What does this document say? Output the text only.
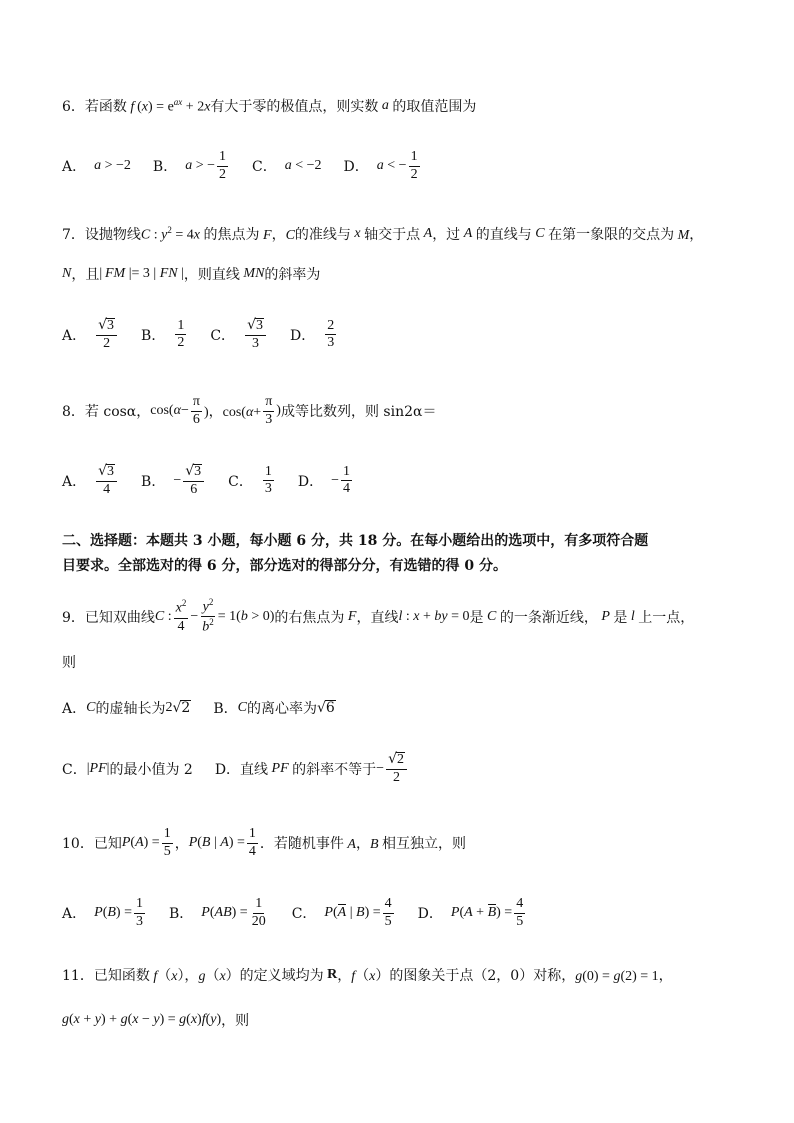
6．若函数 f $(x) = e^{ax} + 2x$ 有大于零的极值点，则实数 a 的取值范围为
A． a > −2 B． a > − $\frac{1}{2}$ C． a < −2 D． a < − $\frac{1}{2}$
7．设抛物线 C : $y^2 = 4x$ 的焦点为 F，C 的准线与 x 轴交于点 A ，过 A 的直线与 C 在第一象限的交点为 M，
N ，且 | FM |= 3 | FN | ，则直线 MN 的斜率为
A． $\frac{√ 3}{2}$ B． $\frac{1}{2}$ C． $\frac{√ 3}{3}$ D． $\frac{2}{3}$
8．若 cosα， $\cos(\alpha- \frac{\pi}{6}$ )，$\cos(\alpha+ \frac{\pi}{3}$ ) 成等比数列，则 sin2α＝
A． $\frac{√ 3}{4}$ B． − $\frac{√ 3}{6}$ C． $\frac{1}{3}$ D． − $\frac{1}{4}$
二、选择题：本题共 3 小题，每小题 6 分，共 18 分。在每小题给出的选项中，有多项符合题
目要求。全部选对的得 6 分，部分选对的得部分分，有选错的得 0 分。
9．已知双曲线 C : $\frac{x^2}{4} - \frac{y^2}{b^2} = 1(b > 0)$ 的右焦点为 F ，直线 l : x + by = 0 是 C 的一条渐近线， P 是 l 上一点，
则
A． C 的虚轴长为 2 √ 2 B． C 的离心率为 √ 6
C． |PF| 的最小值为 2 D．直线 PF 的斜率不等于 − $\frac{√ 2}{2}$
10．已知 $P(A) = \frac{1}{5}$ ， P(B | $A) = \frac{1}{4}$ ．若随机事件 A，B 相互独立，则
A． $P(B) = \frac{1}{3}$ B． $P(AB) = \frac{1}{20}$ C． P(A | $B) = \frac{4}{5}$ D． $P(A + B) = \frac{4}{5}$
11．已知函数 f（x），g（x） 的定义域均为 R ，f（x） 的图象关于点（2，0）对称， g(0) = g(2) = 1，
g(x + y) + g(x − y) = g(x)f(y) ，则
